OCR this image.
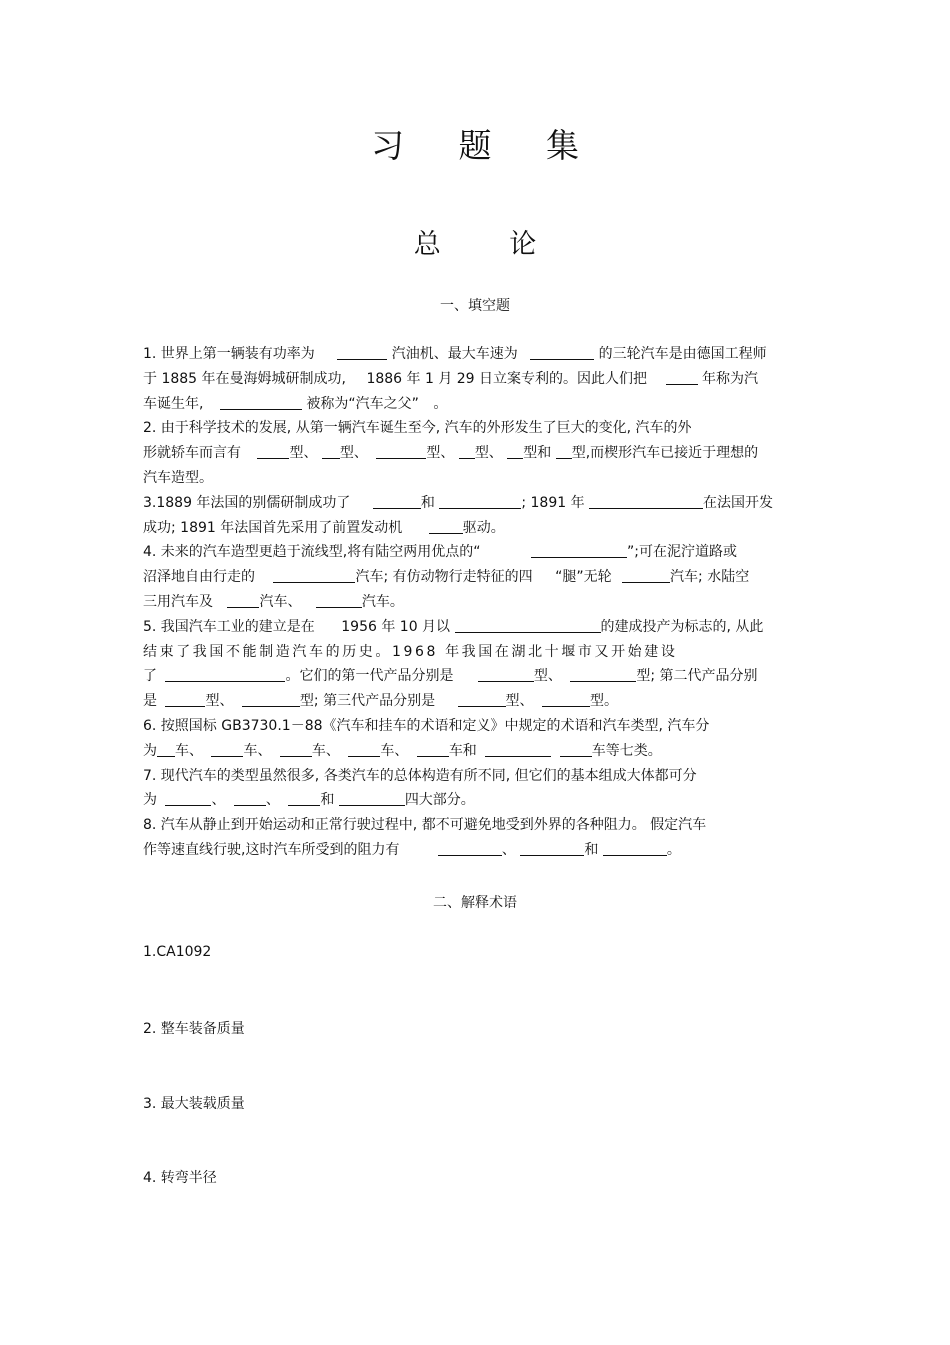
习 题 集
总 论
一、填空题
1. 世界上第一辆装有功率为	汽油机、最大车速为	的三轮汽车是由德国工程师
于 1885 年在曼海姆城研制成功, 1886 年 1 月 29 日立案专利的。因此人们把	年称为汽
车诞生年,	被称为“汽车之父” 。
2. 由于科学技术的发展, 从第一辆汽车诞生至今, 汽车的外形发生了巨大的变化, 汽车的外
形就轿车而言有	型、 型、	型、 型、 型和 型,而楔形汽车已接近于理想的
汽车造型。
3.1889 年法国的别儒研制成功了	和	; 1891 年	在法国开发
成功; 1891 年法国首先采用了前置发动机	驱动。
4. 未来的汽车造型更趋于流线型,将有陆空两用优点的“	”;可在泥泞道路或
沼泽地自由行走的	汽车; 有仿动物行走特征的四 “腿”无轮	汽车; 水陆空
三用汽车及	汽车、	汽车。
5. 我国汽车工业的建立是在 1956 年 10 月以	的建成投产为标志的, 从此
结束了我国不能制造汽车的历史。1968 年我国在湖北十堰市又开始建设
了	。它们的第一代产品分别是	型、	型; 第二代产品分别
是	型、	型; 第三代产品分别是	型、	型。
6. 按照国标 GB3730.1－88《汽车和挂车的术语和定义》中规定的术语和汽车类型, 汽车分
为 车、	车、	车、	车、	车和	车等七类。
7. 现代汽车的类型虽然很多, 各类汽车的总体构造有所不同, 但它们的基本组成大体都可分
为	、	、	和	四大部分。
8. 汽车从静止到开始运动和正常行驶过程中, 都不可避免地受到外界的各种阻力。 假定汽车
作等速直线行驶,这时汽车所受到的阻力有	、	和	。
二、解释术语
1.CA1092
2. 整车装备质量
3. 最大装载质量
4. 转弯半径
